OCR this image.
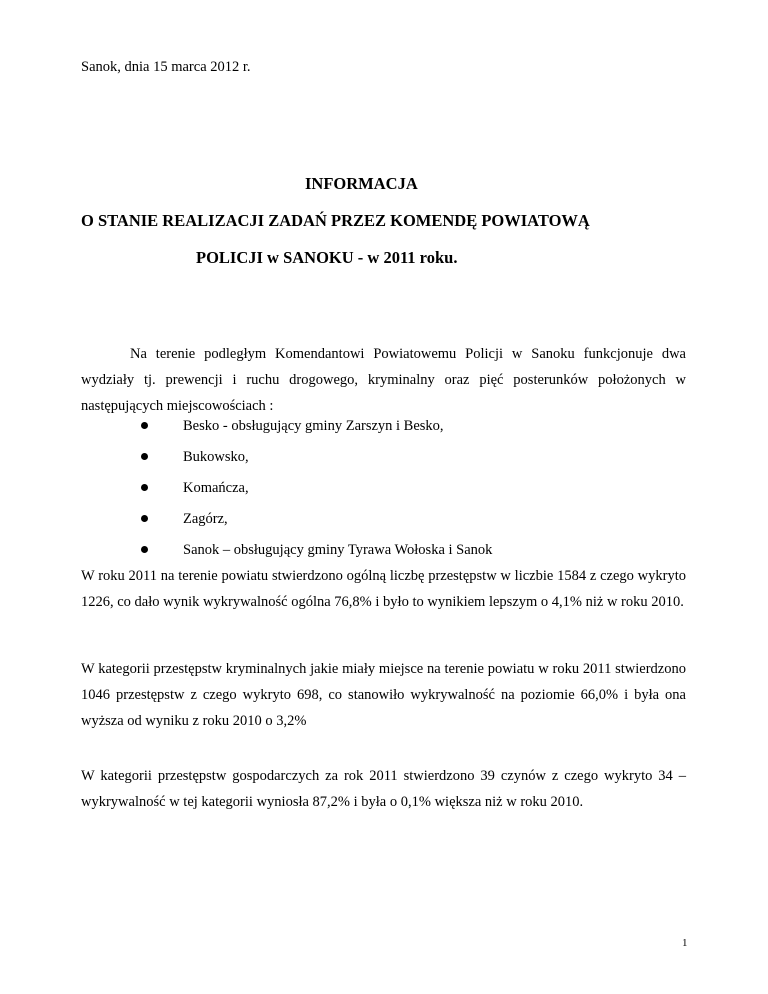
Sanok, dnia 15 marca 2012 r.
INFORMACJA
O STANIE REALIZACJI ZADAŃ PRZEZ KOMENDĘ POWIATOWĄ
POLICJI w SANOKU - w 2011 roku.
Na terenie podległym Komendantowi Powiatowemu Policji w Sanoku funkcjonuje dwa wydziały tj. prewencji i ruchu drogowego, kryminalny oraz pięć posterunków położonych w następujących miejscowościach :
Besko - obsługujący gminy Zarszyn i Besko,
Bukowsko,
Komańcza,
Zagórz,
Sanok – obsługujący gminy Tyrawa Wołoska i Sanok
W roku 2011 na terenie powiatu stwierdzono ogólną liczbę przestępstw w liczbie 1584 z czego wykryto 1226, co dało wynik wykrywalność ogólna 76,8% i było to wynikiem lepszym o 4,1% niż w roku 2010.
W kategorii przestępstw kryminalnych jakie miały miejsce na terenie powiatu w roku 2011 stwierdzono 1046 przestępstw z czego wykryto 698, co stanowiło wykrywalność na poziomie 66,0% i była ona wyższa od wyniku z roku 2010 o 3,2%
W kategorii przestępstw gospodarczych za rok 2011 stwierdzono 39 czynów z czego wykryto 34 – wykrywalność w tej kategorii wyniosła 87,2% i była o 0,1% większa niż w roku 2010.
1
